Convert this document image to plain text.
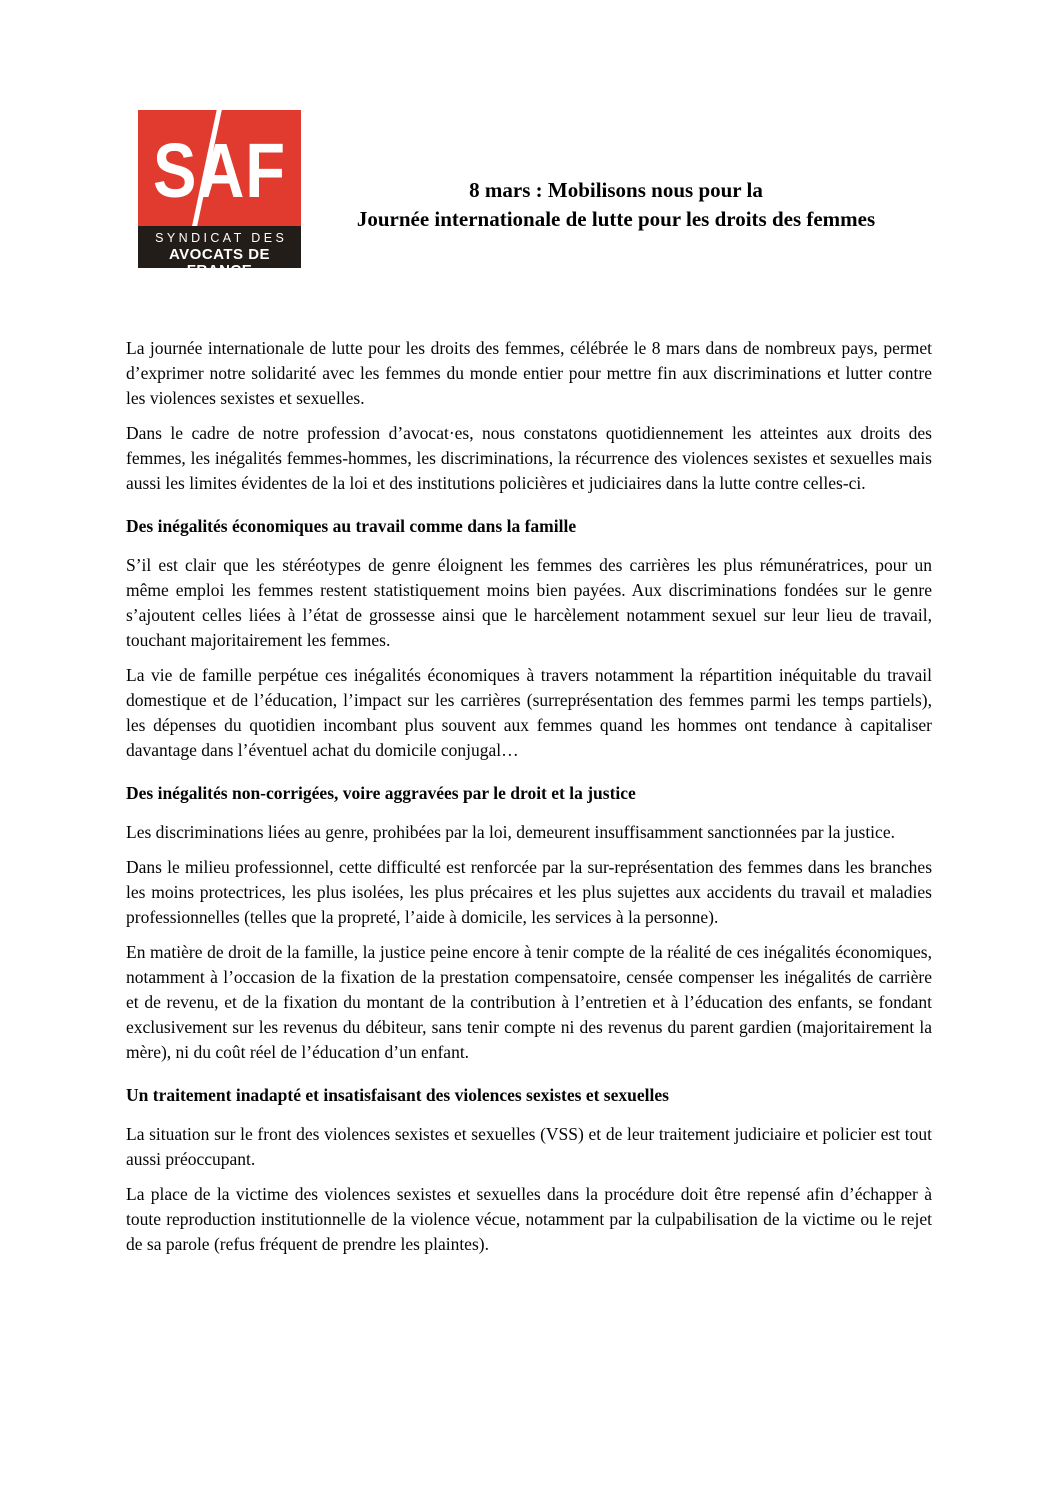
SAF
SYNDICAT DES
AVOCATS DE FRANCE
8 mars : Mobilisons nous pour la
Journée internationale de lutte pour les droits des femmes

La journée internationale de lutte pour les droits des femmes, célébrée le 8 mars dans de nombreux pays, permet d’exprimer notre solidarité avec les femmes du monde entier pour mettre fin aux discriminations et lutter contre les violences sexistes et sexuelles.

Dans le cadre de notre profession d’avocat·es, nous constatons quotidiennement les atteintes aux droits des femmes, les inégalités femmes-hommes, les discriminations, la récurrence des violences sexistes et sexuelles mais aussi les limites évidentes de la loi et des institutions policières et judiciaires dans la lutte contre celles-ci.

Des inégalités économiques au travail comme dans la famille

S’il est clair que les stéréotypes de genre éloignent les femmes des carrières les plus rémunératrices, pour un même emploi les femmes restent statistiquement moins bien payées. Aux discriminations fondées sur le genre s’ajoutent celles liées à l’état de grossesse ainsi que le harcèlement notamment sexuel sur leur lieu de travail, touchant majoritairement les femmes.

La vie de famille perpétue ces inégalités économiques à travers notamment la répartition inéquitable du travail domestique et de l’éducation, l’impact sur les carrières (surreprésentation des femmes parmi les temps partiels), les dépenses du quotidien incombant plus souvent aux femmes quand les hommes ont tendance à capitaliser davantage dans l’éventuel achat du domicile conjugal…

Des inégalités non-corrigées, voire aggravées par le droit et la justice

Les discriminations liées au genre, prohibées par la loi, demeurent insuffisamment sanctionnées par la justice.

Dans le milieu professionnel, cette difficulté est renforcée par la sur-représentation des femmes dans les branches les moins protectrices, les plus isolées, les plus précaires et les plus sujettes aux accidents du travail et maladies professionnelles (telles que la propreté, l’aide à domicile, les services à la personne).

En matière de droit de la famille, la justice peine encore à tenir compte de la réalité de ces inégalités économiques, notamment à l’occasion de la fixation de la prestation compensatoire, censée compenser les inégalités de carrière et de revenu, et de la fixation du montant de la contribution à l’entretien et à l’éducation des enfants, se fondant exclusivement sur les revenus du débiteur, sans tenir compte ni des revenus du parent gardien (majoritairement la mère), ni du coût réel de l’éducation d’un enfant.

Un traitement inadapté et insatisfaisant des violences sexistes et sexuelles

La situation sur le front des violences sexistes et sexuelles (VSS) et de leur traitement judiciaire et policier est tout aussi préoccupant.

La place de la victime des violences sexistes et sexuelles dans la procédure doit être repensé afin d’échapper à toute reproduction institutionnelle de la violence vécue, notamment par la culpabilisation de la victime ou le rejet de sa parole (refus fréquent de prendre les plaintes).
